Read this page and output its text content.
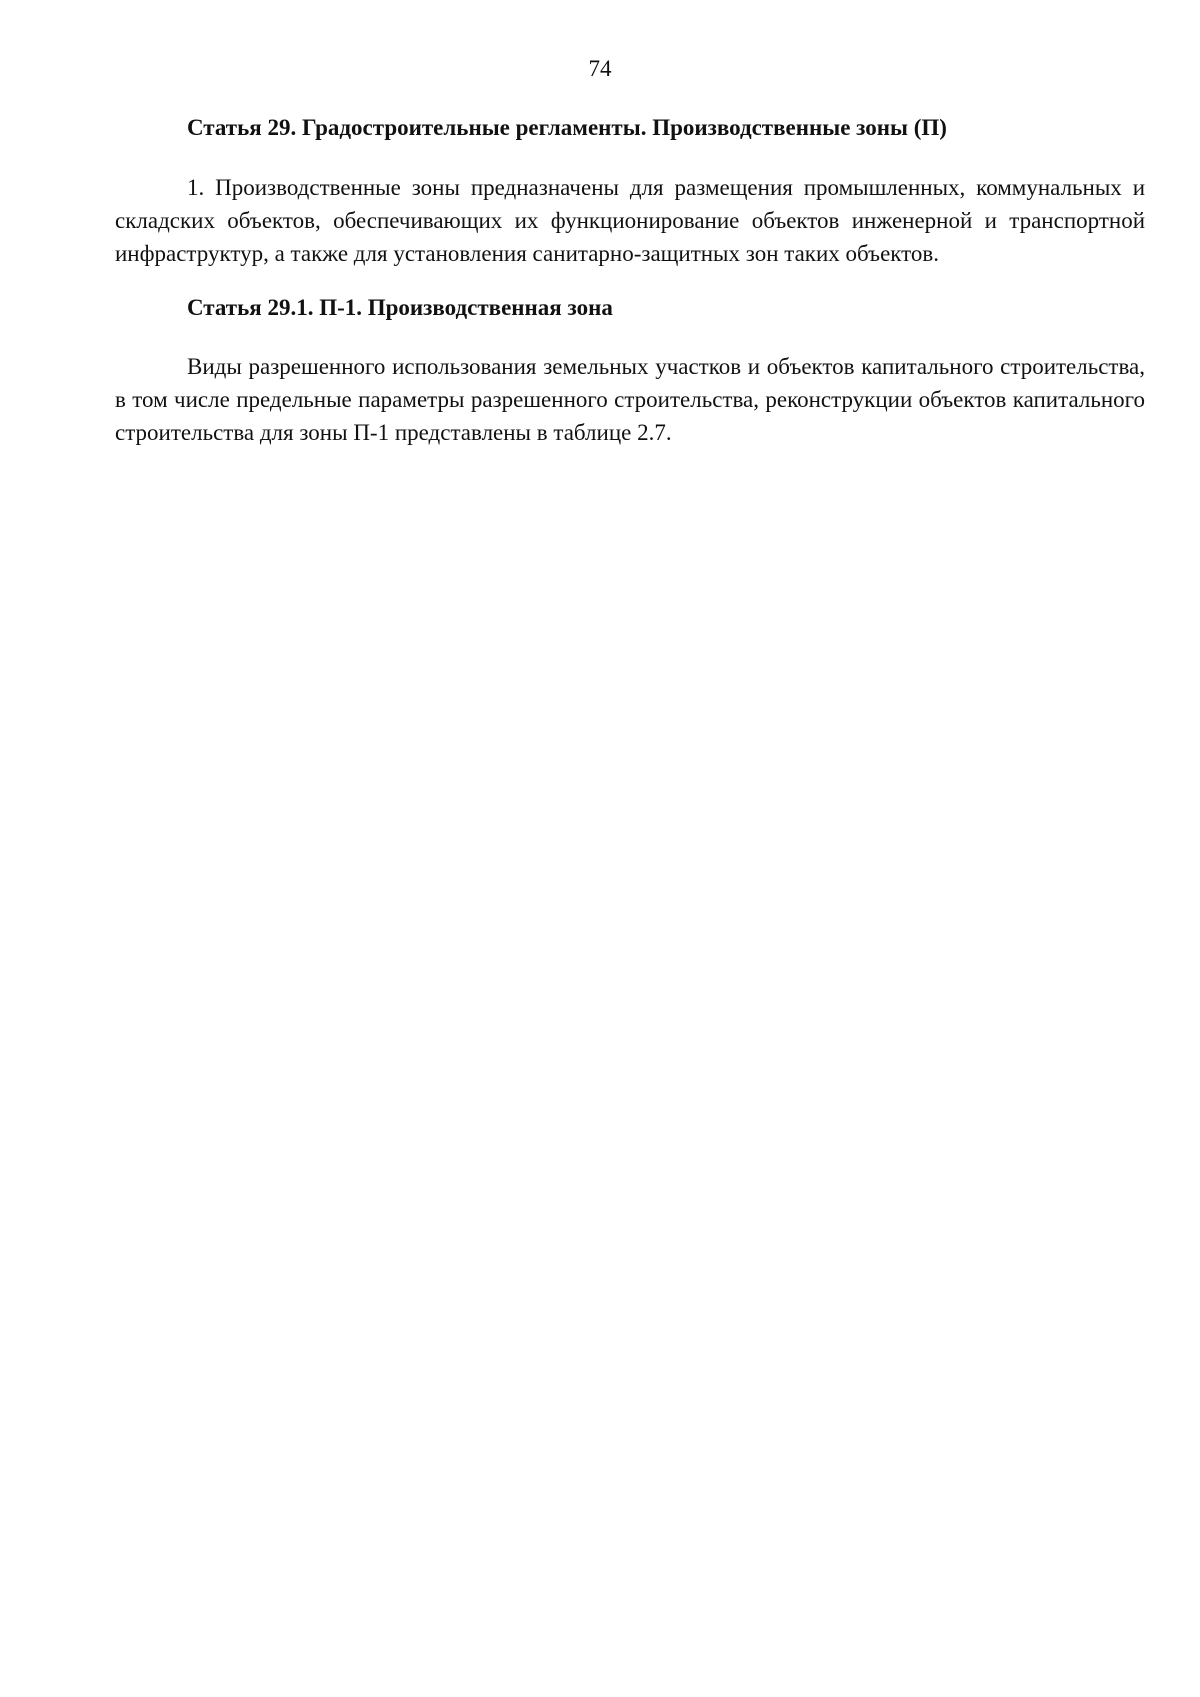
74
Статья 29. Градостроительные регламенты. Производственные зоны (П)

1. Производственные зоны предназначены для размещения промышленных, коммунальных и складских объектов, обеспечивающих их функционирование объектов инженерной и транспортной инфраструктур, а также для установления санитарно-защитных зон таких объектов.

Статья 29.1. П-1. Производственная зона

Виды разрешенного использования земельных участков и объектов капитального строительства, в том числе предельные параметры разрешенного строительства, реконструкции объектов капитального строительства для зоны П-1 представлены в таблице 2.7.
